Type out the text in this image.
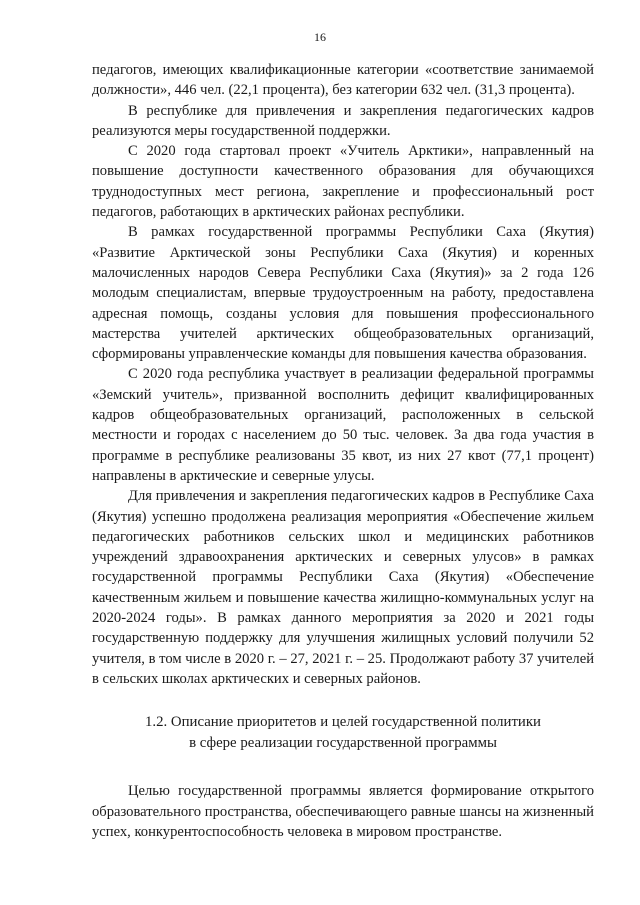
16

педагогов, имеющих квалификационные категории «соответствие занимаемой должности», 446 чел. (22,1 процента), без категории 632 чел. (31,3 процента).

В республике для привлечения и закрепления педагогических кадров реализуются меры государственной поддержки.

С 2020 года стартовал проект «Учитель Арктики», направленный на повышение доступности качественного образования для обучающихся труднодоступных мест региона, закрепление и профессиональный рост педагогов, работающих в арктических районах республики.

В рамках государственной программы Республики Саха (Якутия) «Развитие Арктической зоны Республики Саха (Якутия) и коренных малочисленных народов Севера Республики Саха (Якутия)» за 2 года 126 молодым специалистам, впервые трудоустроенным на работу, предоставлена адресная помощь, созданы условия для повышения профессионального мастерства учителей арктических общеобразовательных организаций, сформированы управленческие команды для повышения качества образования.

С 2020 года республика участвует в реализации федеральной программы «Земский учитель», призванной восполнить дефицит квалифицированных кадров общеобразовательных организаций, расположенных в сельской местности и городах с населением до 50 тыс. человек. За два года участия в программе в республике реализованы 35 квот, из них 27 квот (77,1 процент) направлены в арктические и северные улусы.

Для привлечения и закрепления педагогических кадров в Республике Саха (Якутия) успешно продолжена реализация мероприятия «Обеспечение жильем педагогических работников сельских школ и медицинских работников учреждений здравоохранения арктических и северных улусов» в рамках государственной программы Республики Саха (Якутия) «Обеспечение качественным жильем и повышение качества жилищно-коммунальных услуг на 2020-2024 годы». В рамках данного мероприятия за 2020 и 2021 годы государственную поддержку для улучшения жилищных условий получили 52 учителя, в том числе в 2020 г. – 27, 2021 г. – 25. Продолжают работу 37 учителей в сельских школах арктических и северных районов.

1.2. Описание приоритетов и целей государственной политики
в сфере реализации государственной программы

Целью государственной программы является формирование открытого образовательного пространства, обеспечивающего равные шансы на жизненный успех, конкурентоспособность человека в мировом пространстве.
